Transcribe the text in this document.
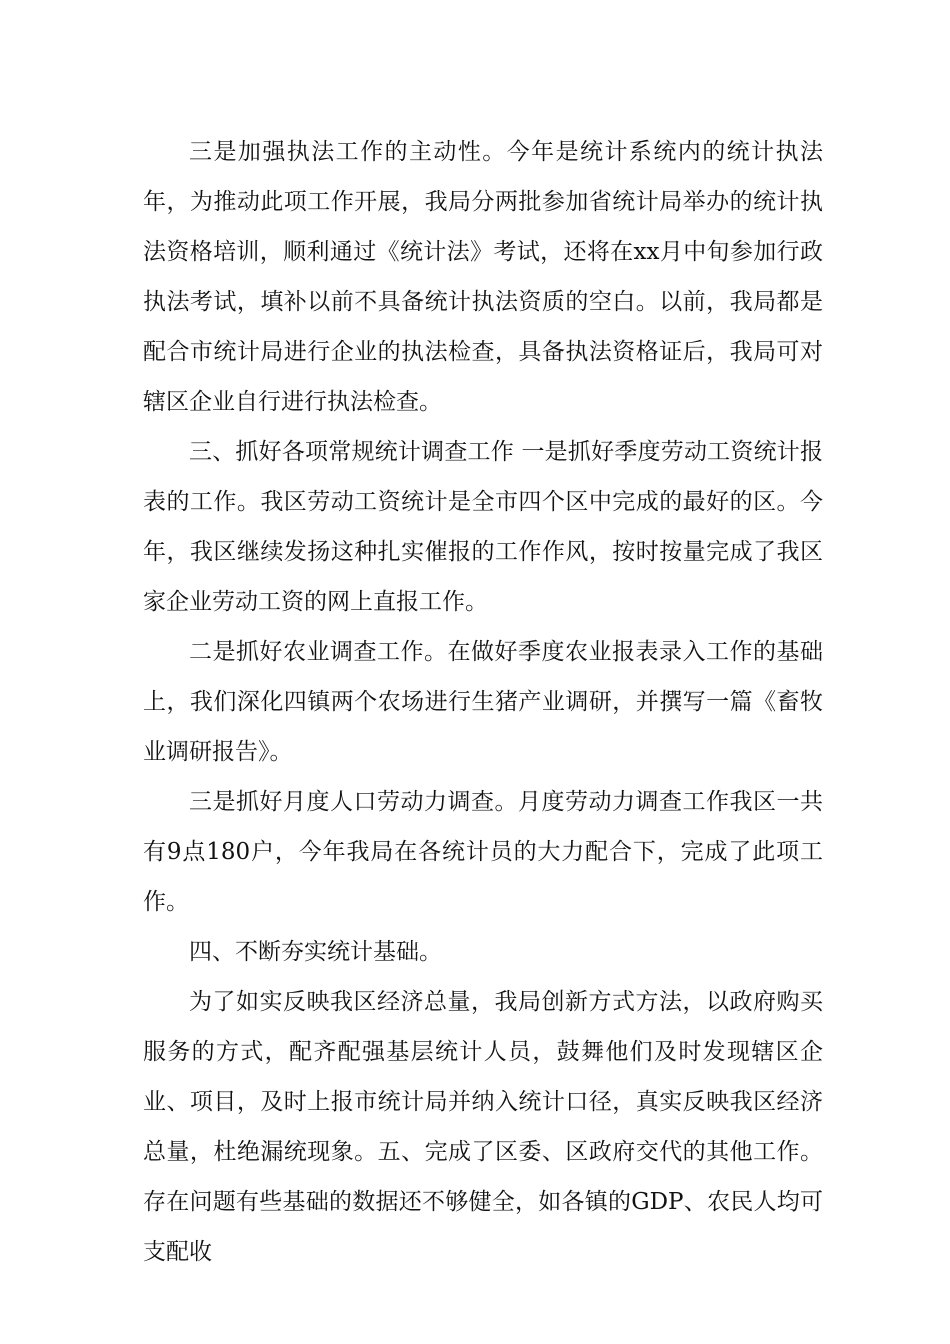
三是加强执法工作的主动性。今年是统计系统内的统计执法年，为推动此项工作开展，我局分两批参加省统计局举办的统计执法资格培训，顺利通过《统计法》考试，还将在xx月中旬参加行政执法考试，填补以前不具备统计执法资质的空白。以前，我局都是配合市统计局进行企业的执法检查，具备执法资格证后，我局可对辖区企业自行进行执法检查。

三、抓好各项常规统计调查工作 一是抓好季度劳动工资统计报表的工作。我区劳动工资统计是全市四个区中完成的最好的区。今年，我区继续发扬这种扎实催报的工作作风，按时按量完成了我区家企业劳动工资的网上直报工作。

二是抓好农业调查工作。在做好季度农业报表录入工作的基础上，我们深化四镇两个农场进行生猪产业调研，并撰写一篇《畜牧业调研报告》。

三是抓好月度人口劳动力调查。月度劳动力调查工作我区一共有9点180户，今年我局在各统计员的大力配合下，完成了此项工作。

四、不断夯实统计基础。

为了如实反映我区经济总量，我局创新方式方法，以政府购买服务的方式，配齐配强基层统计人员，鼓舞他们及时发现辖区企业、项目，及时上报市统计局并纳入统计口径，真实反映我区经济总量，杜绝漏统现象。五、完成了区委、区政府交代的其他工作。存在问题有些基础的数据还不够健全，如各镇的GDP、农民人均可支配收
